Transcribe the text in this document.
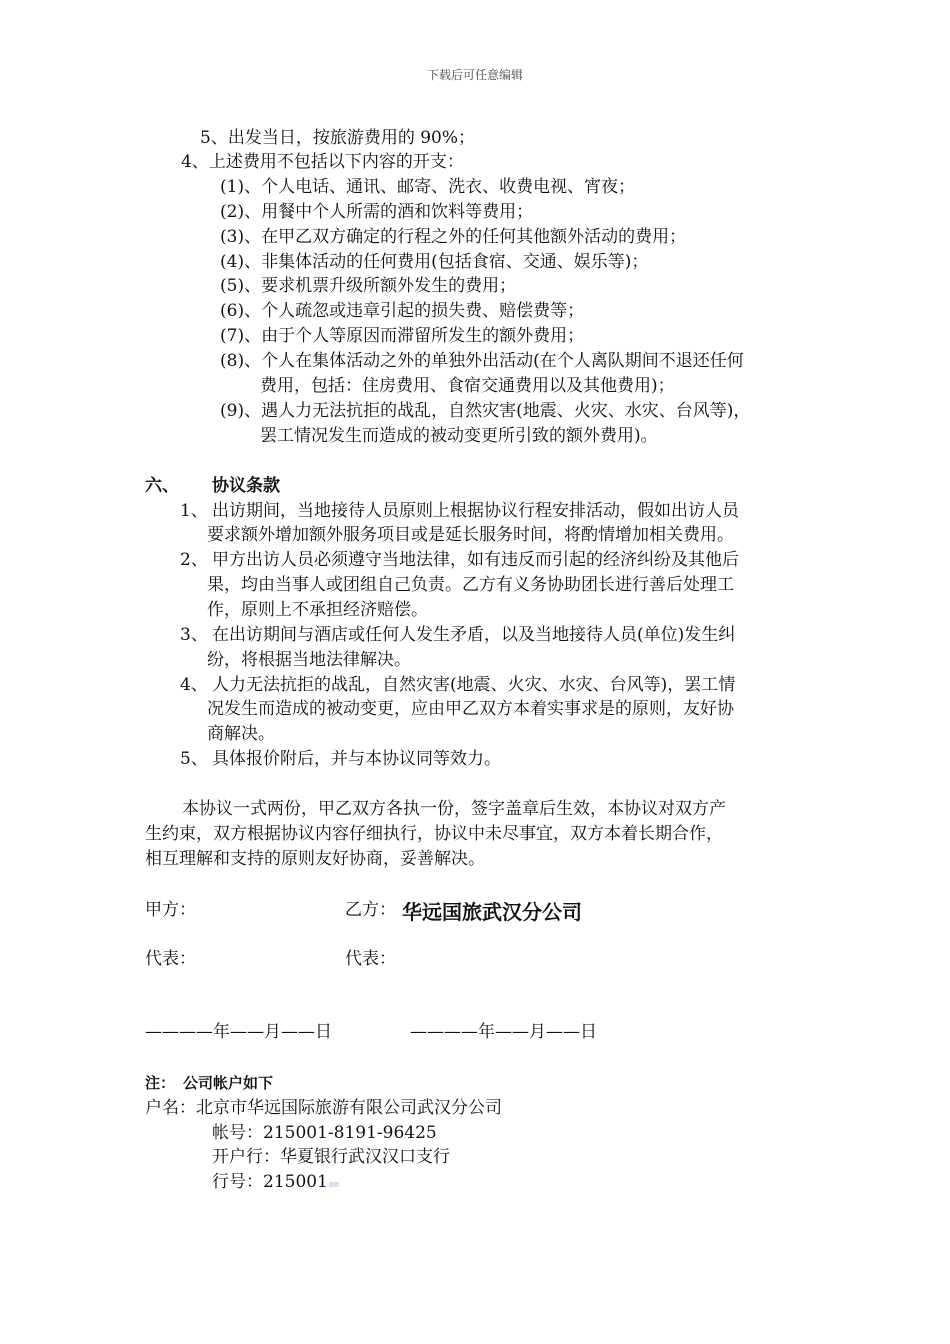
下载后可任意编辑
5、出发当日，按旅游费用的 90%；
4、上述费用不包括以下内容的开支：
(1)、个人电话、通讯、邮寄、洗衣、收费电视、宵夜；
(2)、用餐中个人所需的酒和饮料等费用；
(3)、在甲乙双方确定的行程之外的任何其他额外活动的费用；
(4)、非集体活动的任何费用(包括食宿、交通、娱乐等)；
(5)、要求机票升级所额外发生的费用；
(6)、个人疏忽或违章引起的损失费、赔偿费等；
(7)、由于个人等原因而滞留所发生的额外费用；
(8)、个人在集体活动之外的单独外出活动(在个人离队期间不退还任何
费用，包括：住房费用、食宿交通费用以及其他费用)；
(9)、遇人力无法抗拒的战乱，自然灾害(地震、火灾、水灾、台风等)，
罢工情况发生而造成的被动变更所引致的额外费用)。
六、 协议条款
1、 出访期间，当地接待人员原则上根据协议行程安排活动，假如出访人员
要求额外增加额外服务项目或是延长服务时间，将酌情增加相关费用。
2、 甲方出访人员必须遵守当地法律，如有违反而引起的经济纠纷及其他后
果，均由当事人或团组自己负责。乙方有义务协助团长进行善后处理工
作，原则上不承担经济赔偿。
3、 在出访期间与酒店或任何人发生矛盾，以及当地接待人员(单位)发生纠
纷，将根据当地法律解决。
4、 人力无法抗拒的战乱，自然灾害(地震、火灾、水灾、台风等)，罢工情
况发生而造成的被动变更，应由甲乙双方本着实事求是的原则，友好协
商解决。
5、 具体报价附后，并与本协议同等效力。
本协议一式两份，甲乙双方各执一份，签字盖章后生效，本协议对双方产
生约束，双方根据协议内容仔细执行，协议中未尽事宜，双方本着长期合作，
相互理解和支持的原则友好协商，妥善解决。
甲方：	乙方： 华远国旅武汉分公司
代表：	代表：
————年——月——日	————年——月——日
注： 公司帐户如下
户名：北京市华远国际旅游有限公司武汉分公司
帐号：215001-8191-96425
开户行：华夏银行武汉汉口支行
行号：215001
